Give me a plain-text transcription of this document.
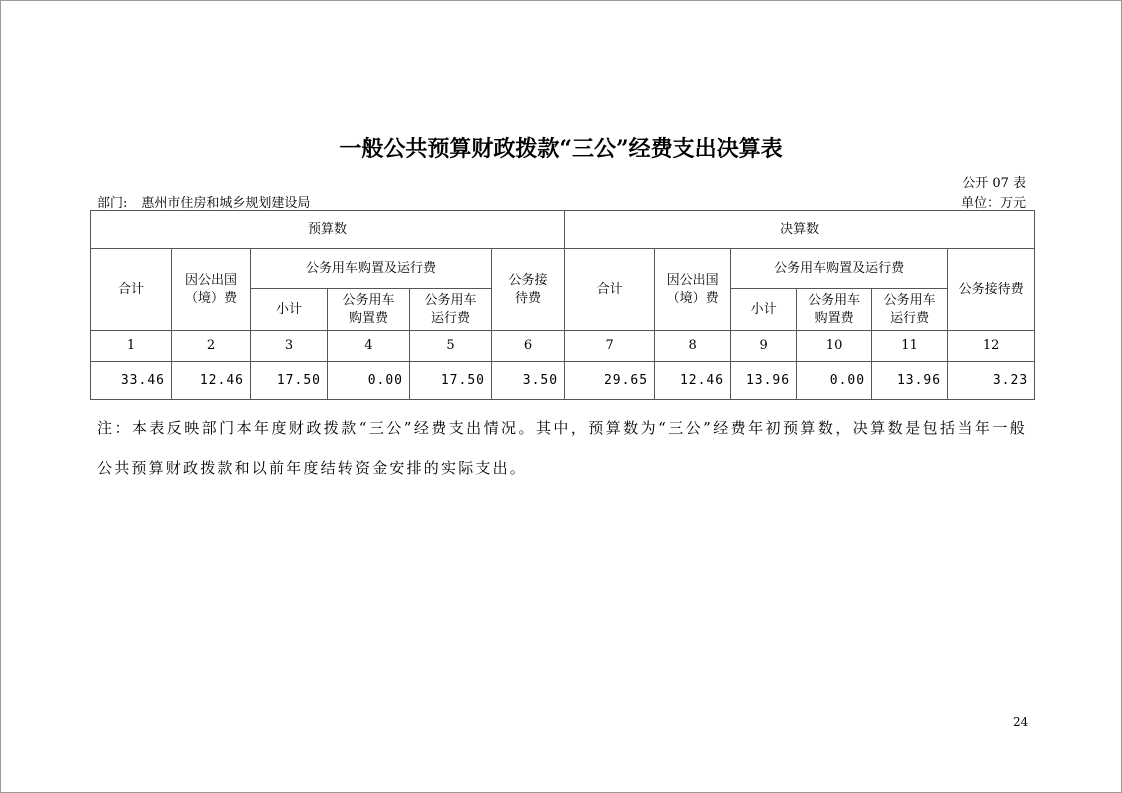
一般公共预算财政拨款“三公”经费支出决算表
公开 07 表
部门: 惠州市住房和城乡规划建设局	单位：万元
预算数						决算数					
合计	因公出国（境）费	公务用车购置及运行费			公务接待费	合计	因公出国（境）费	公务用车购置及运行费			公务接待费
		小计	公务用车购置费	公务用车运行费				小计	公务用车购置费	公务用车运行费	
1	2	3	4	5	6	7	8	9	10	11	12
33.46	12.46	17.50	0.00	17.50	3.50	29.65	12.46	13.96	0.00	13.96	3.23
注：本表反映部门本年度财政拨款“三公”经费支出情况。其中，预算数为“三公”经费年初预算数，决算数是包括当年一般公共预算财政拨款和以前年度结转资金安排的实际支出。
24
